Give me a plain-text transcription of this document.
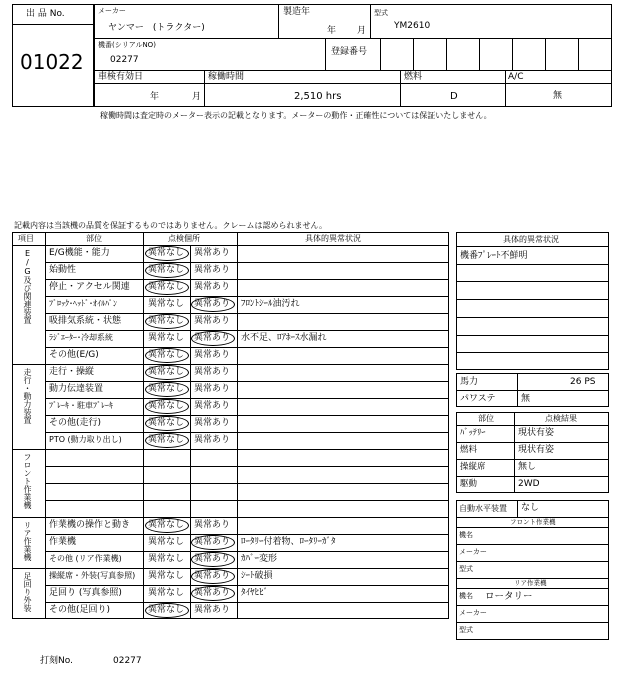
出 品 No.
01022
メーカー
ヤンマー　(トラクター)
製造年
年 月
型式
YM2610
機番(シリアルNO)
02277
登録番号
車検有効日
年	月
稼働時間
2,510 hrs
燃料
D
A/C
無
稼働時間は査定時のメーター表示の記載となります。メーターの動作・正確性については保証いたしません。
記載内容は当該機の品質を保証するものではありません。クレームは認められません。
項目	部位	点検個所	具体的異常状況
E/G及び関連装置 E/G機能・能力	異常なし 異常あり
始動性	異常なし 異常あり
停止・アクセル関連 異常なし 異常あり
ﾌﾞﾛｯｸ･ﾍｯﾄﾞ･ｵｲﾙﾊﾟﾝ	異常なし 異常あり ﾌﾛﾝﾄｼｰﾙ油汚れ
吸排気系統・状態	異常なし 異常あり
ﾗｼﾞｴｰﾀｰ･冷却系統	異常なし 異常あり 水不足、ﾛｱﾎｰｽ水漏れ
その他(E/G)	異常なし 異常あり
走行・動力装置 走行・操縦	異常なし 異常あり
動力伝達装置	異常なし 異常あり
ﾌﾞﾚｰｷ・駐車ﾌﾞﾚｰｷ	異常なし 異常あり
その他(走行)	異常なし 異常あり
PTO (動力取り出し)	異常なし 異常あり
フロント作業機
リア作業機 作業機の操作と動き 異常なし 異常あり
作業機	異常なし 異常あり ﾛｰﾀﾘｰ付着物、ﾛｰﾀﾘｰｶﾞﾀ
その他 (リア作業機)	異常なし 異常あり ｶﾊﾞｰ変形
足回り外装 操縦席・外装(写真参照) 異常なし 異常あり ｼｰﾄ破損
足回り (写真参照)	異常なし 異常あり ﾀｲﾔﾋﾋﾞ
その他(足回り)	異常なし 異常あり
具体的異常状況
機番ﾌﾟﾚｰﾄ不鮮明
馬力	26 PS
パワステ	無
部位	点検結果
ﾊﾞｯﾃﾘｰ	現状有姿
燃料	現状有姿
操縦席	無し
駆動	2WD
自動水平装置 なし
フロント作業機
機名
メーカー
型式
リア作業機
機名 ロータリー
メーカー
型式
打刻No.	02277
